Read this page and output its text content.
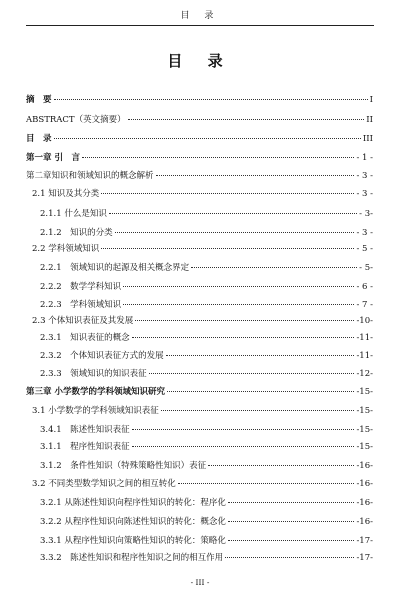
目 录
目 录
摘　要	I
ABSTRACT（英文摘要）	II
目　录	III
第一章 引　言	- 1 -
第二章知识和领域知识的概念解析	- 3 -
2.1 知识及其分类	- 3 -
2.1.1 什么是知识	- 3-
2.1.2　知识的分类	- 3 -
2.2 学科领域知识	- 5 -
2.2.1　领域知识的起源及相关概念界定	- 5-
2.2.2　数学学科知识	- 6 -
2.2.3　学科领域知识	- 7 -
2.3 个体知识表征及其发展	-10-
2.3.1　知识表征的概念	-11-
2.3.2　个体知识表征方式的发展	-11-
2.3.3　领域知识的知识表征	-12-
第三章 小学数学的学科领域知识研究	-15-
3.1 小学数学的学科领域知识表征	-15-
3.4.1　陈述性知识表征	-15-
3.1.1　程序性知识表征	-15-
3.1.2　条件性知识（特殊策略性知识）表征	-16-
3.2 不同类型数学知识之间的相互转化	-16-
3.2.1 从陈述性知识向程序性知识的转化：程序化	-16-
3.2.2 从程序性知识向陈述性知识的转化：概念化	-16-
3.3.1 从程序性知识向策略性知识的转化：策略化	-17-
3.3.2　陈述性知识和程序性知识之间的相互作用	-17-
- III -
